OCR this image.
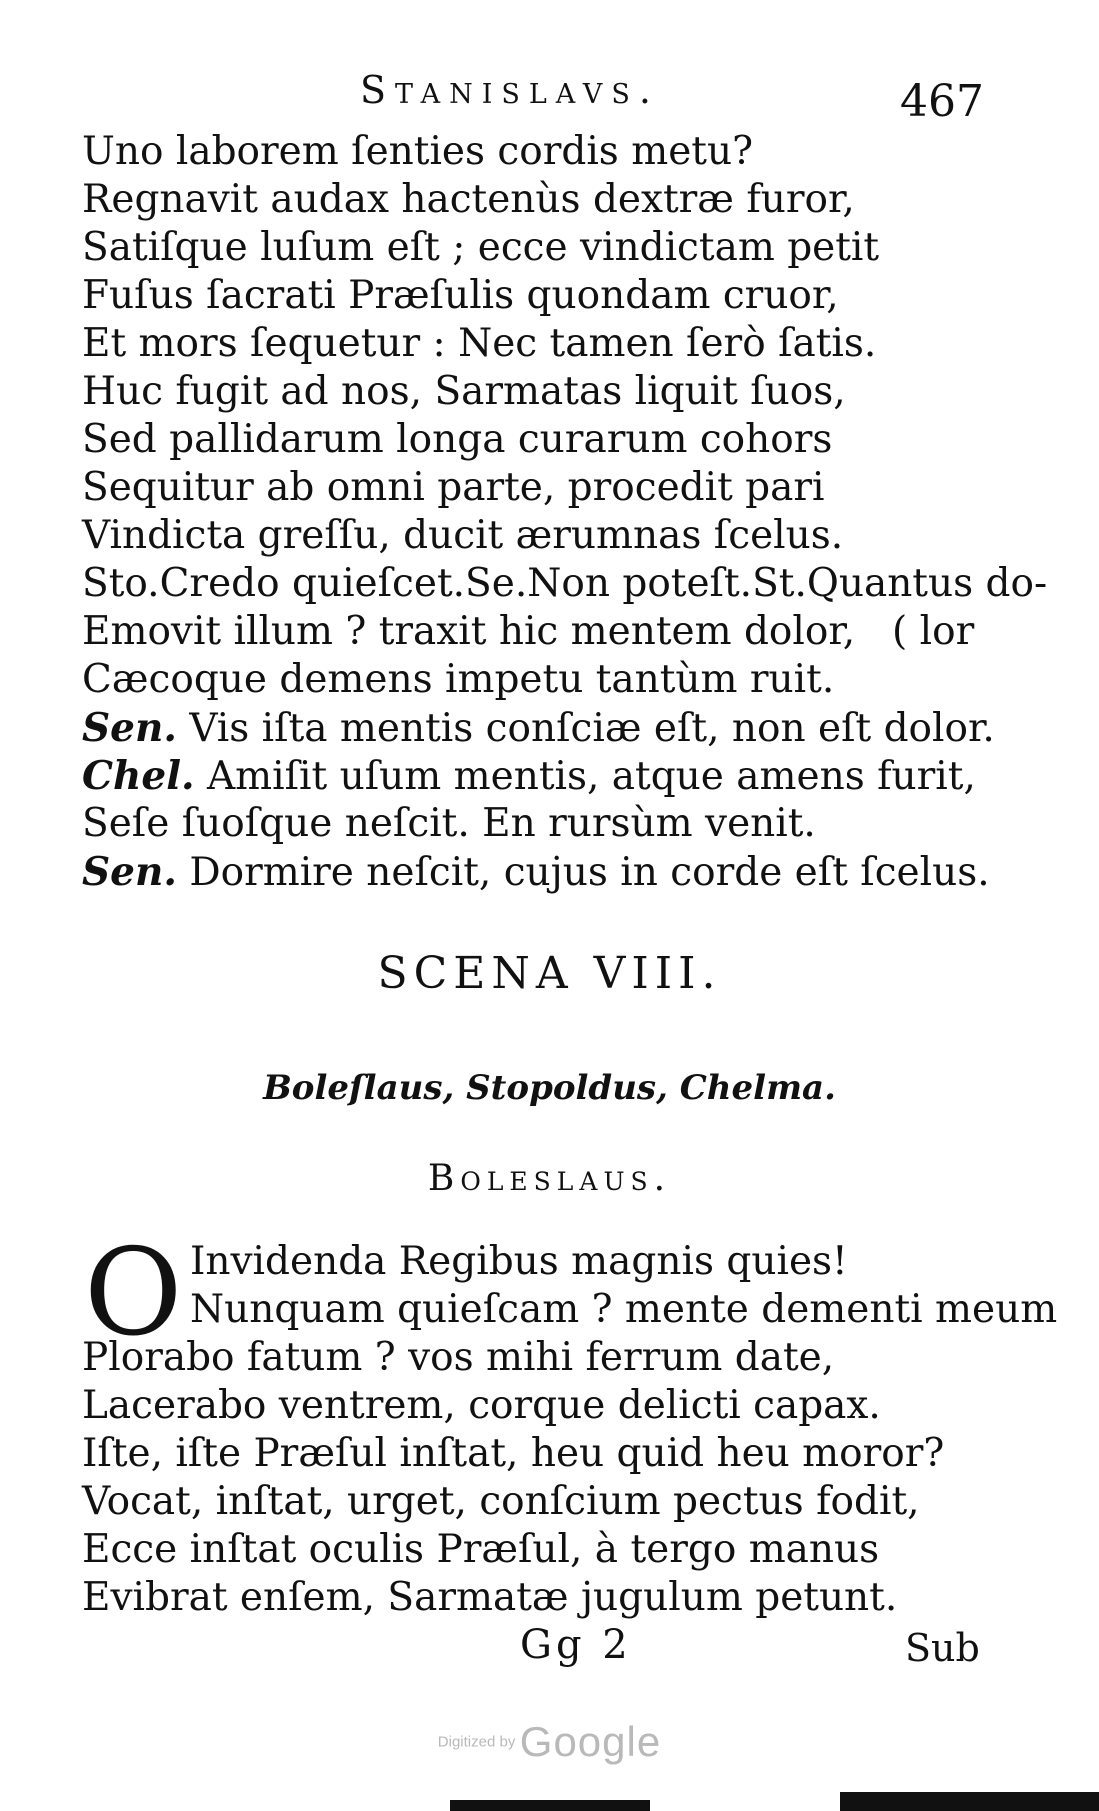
Stanislavs.	467
Uno laborem ſenties cordis metu?
Regnavit audax hactenùs dextræ furor,
Satiſque luſum eſt ; ecce vindictam petit
Fuſus ſacrati Præſulis quondam cruor,
Et mors ſequetur : Nec tamen ſerò ſatis.
Huc fugit ad nos, Sarmatas liquit ſuos,
Sed pallidarum longa curarum cohors
Sequitur ab omni parte, procedit pari
Vindicta greſſu, ducit ærumnas ſcelus.
Sto.Credo quieſcet.Se.Non poteſt.St.Quantus do-
Emovit illum ? traxit hic mentem dolor, ( lor
Cæcoque demens impetu tantùm ruit.
Sen. Vis iſta mentis conſciæ eſt, non eſt dolor.
Chel. Amiſit uſum mentis, atque amens furit,
Seſe ſuoſque neſcit. En rursùm venit.
Sen. Dormire neſcit, cujus in corde eſt ſcelus.
SCENA VIII.
Boleſlaus, Stopoldus, Chelma.
Boleslaus.
O Invidenda Regibus magnis quies!
Nunquam quieſcam ? mente dementi meum
Plorabo fatum ? vos mihi ferrum date,
Lacerabo ventrem, corque delicti capax.
Iſte, iſte Præſul inſtat, heu quid heu moror?
Vocat, inſtat, urget, conſcium pectus fodit,
Ecce inſtat oculis Præſul, à tergo manus
Evibrat enſem, Sarmatæ jugulum petunt.
Gg 2	Sub
Digitized by Google
